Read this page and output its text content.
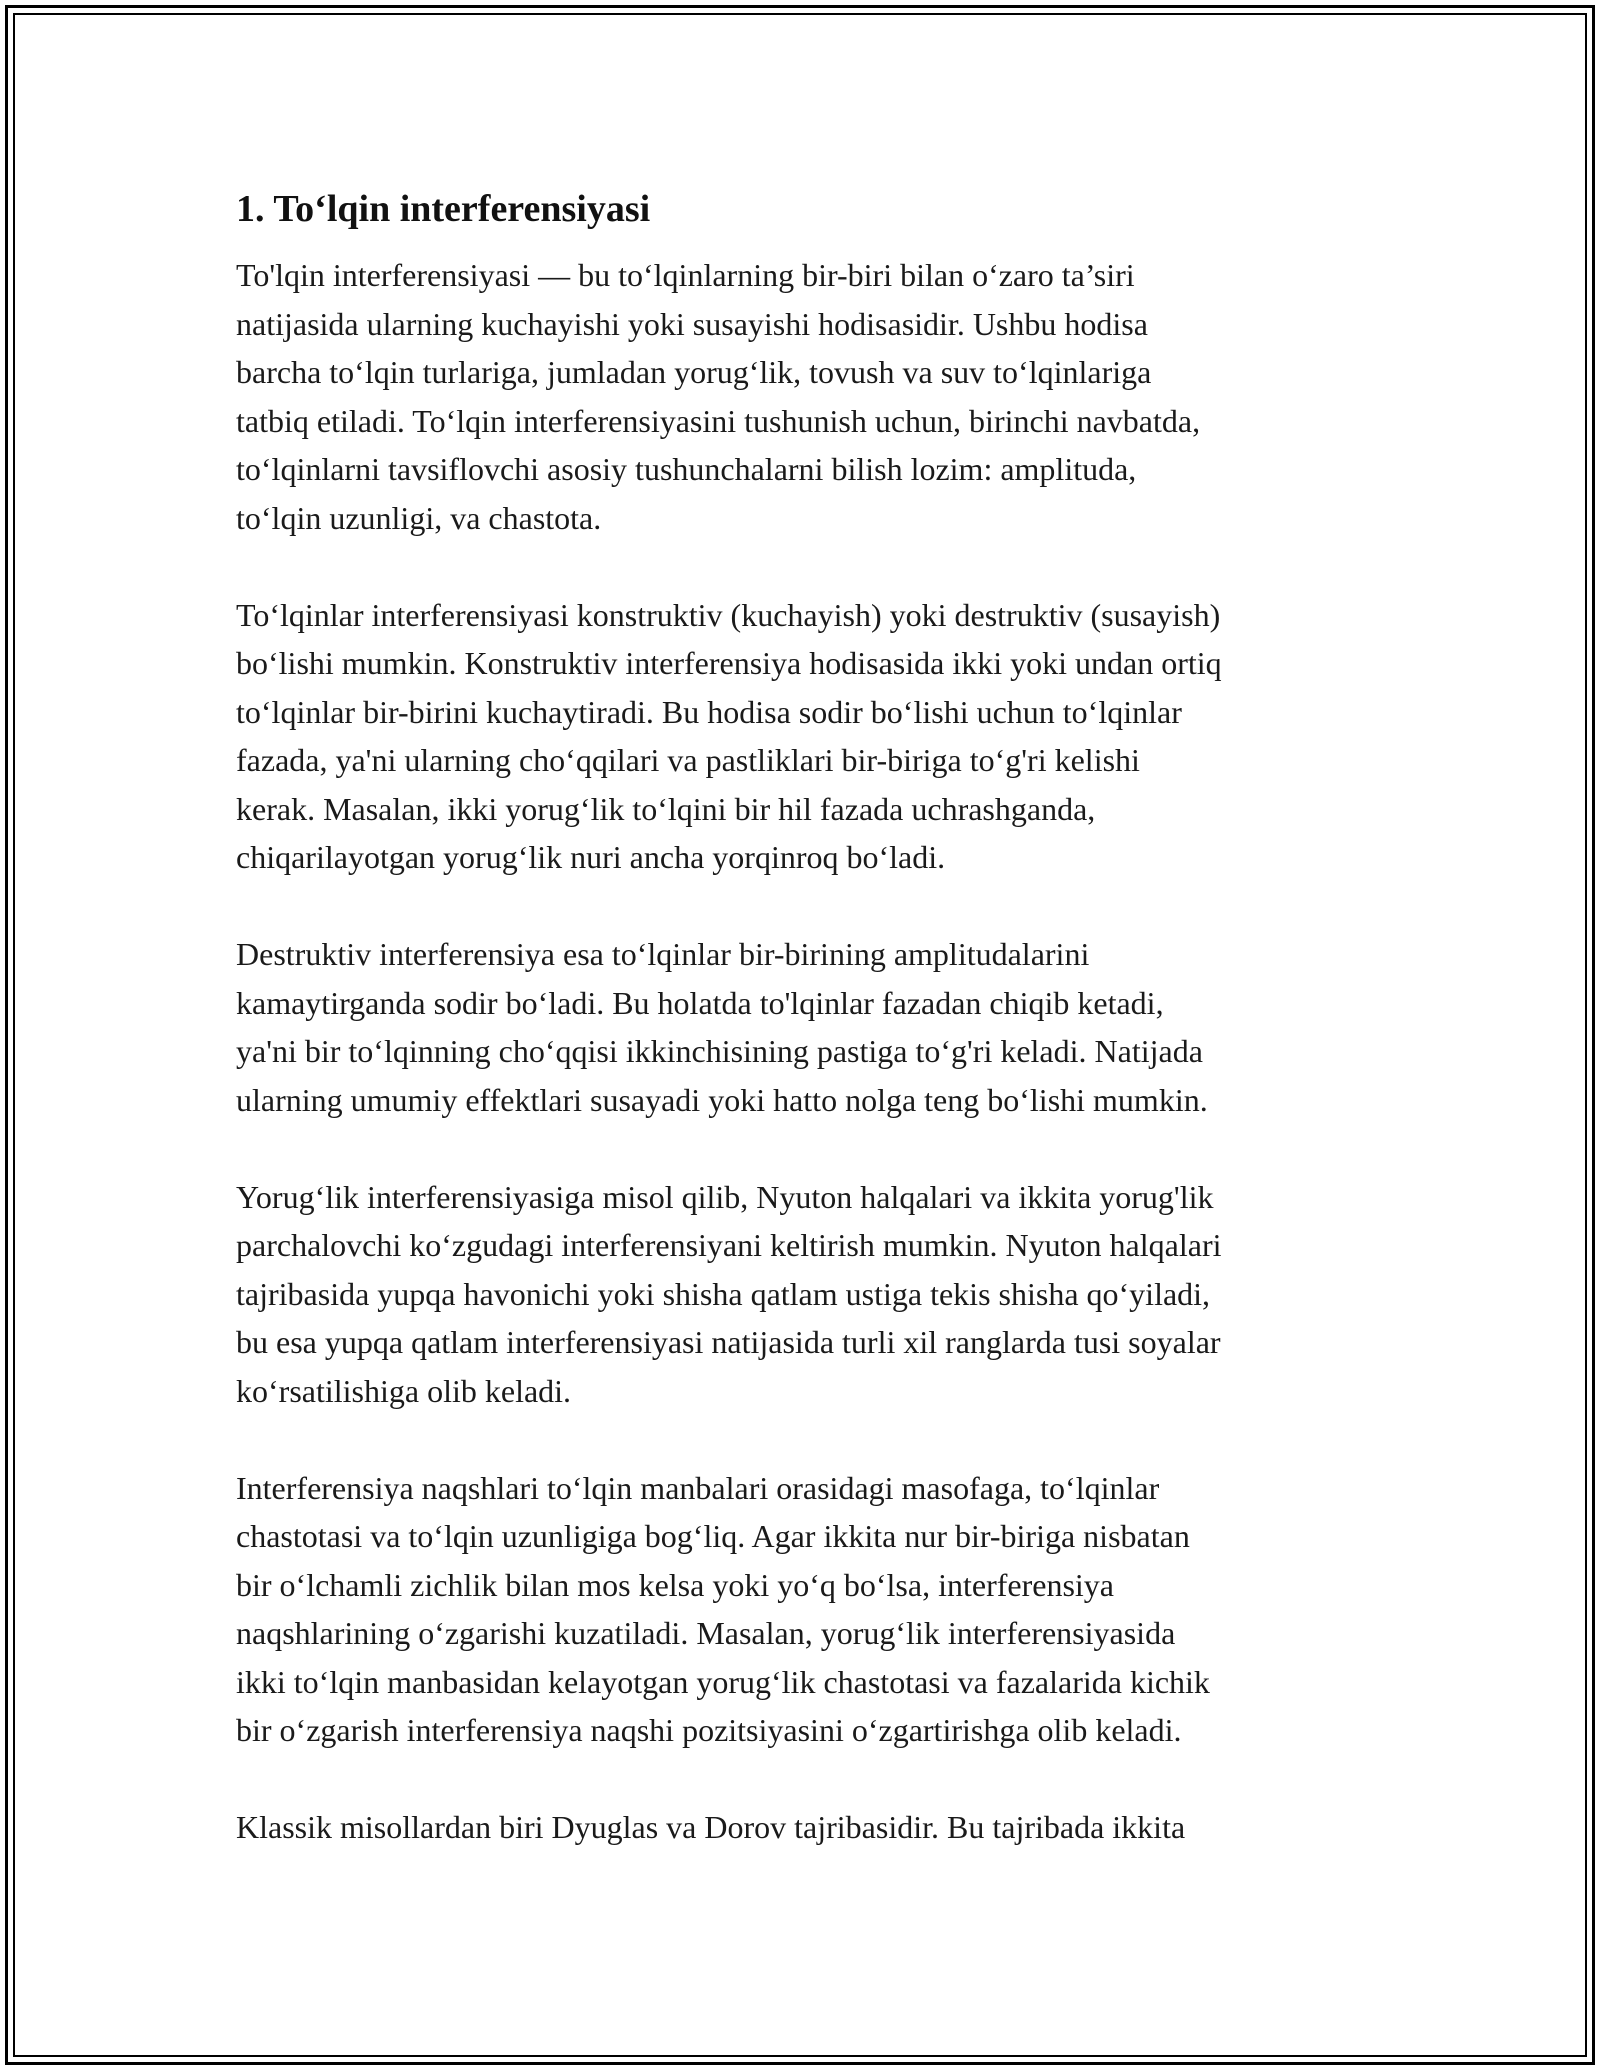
1. To‘lqin interferensiyasi

To'lqin interferensiyasi — bu to‘lqinlarning bir-biri bilan o‘zaro ta’siri
natijasida ularning kuchayishi yoki susayishi hodisasidir. Ushbu hodisa
barcha to‘lqin turlariga, jumladan yorug‘lik, tovush va suv to‘lqinlariga
tatbiq etiladi. To‘lqin interferensiyasini tushunish uchun, birinchi navbatda,
to‘lqinlarni tavsiflovchi asosiy tushunchalarni bilish lozim: amplituda,
to‘lqin uzunligi, va chastota.

To‘lqinlar interferensiyasi konstruktiv (kuchayish) yoki destruktiv (susayish)
bo‘lishi mumkin. Konstruktiv interferensiya hodisasida ikki yoki undan ortiq
to‘lqinlar bir-birini kuchaytiradi. Bu hodisa sodir bo‘lishi uchun to‘lqinlar
fazada, ya'ni ularning cho‘qqilari va pastliklari bir-biriga to‘g'ri kelishi
kerak. Masalan, ikki yorug‘lik to‘lqini bir hil fazada uchrashganda,
chiqarilayotgan yorug‘lik nuri ancha yorqinroq bo‘ladi.

Destruktiv interferensiya esa to‘lqinlar bir-birining amplitudalarini
kamaytirganda sodir bo‘ladi. Bu holatda to'lqinlar fazadan chiqib ketadi,
ya'ni bir to‘lqinning cho‘qqisi ikkinchisining pastiga to‘g'ri keladi. Natijada
ularning umumiy effektlari susayadi yoki hatto nolga teng bo‘lishi mumkin.

Yorug‘lik interferensiyasiga misol qilib, Nyuton halqalari va ikkita yorug'lik
parchalovchi ko‘zgudagi interferensiyani keltirish mumkin. Nyuton halqalari
tajribasida yupqa havonichi yoki shisha qatlam ustiga tekis shisha qo‘yiladi,
bu esa yupqa qatlam interferensiyasi natijasida turli xil ranglarda tusi soyalar
ko‘rsatilishiga olib keladi.

Interferensiya naqshlari to‘lqin manbalari orasidagi masofaga, to‘lqinlar
chastotasi va to‘lqin uzunligiga bog‘liq. Agar ikkita nur bir-biriga nisbatan
bir o‘lchamli zichlik bilan mos kelsa yoki yo‘q bo‘lsa, interferensiya
naqshlarining o‘zgarishi kuzatiladi. Masalan, yorug‘lik interferensiyasida
ikki to‘lqin manbasidan kelayotgan yorug‘lik chastotasi va fazalarida kichik
bir o‘zgarish interferensiya naqshi pozitsiyasini o‘zgartirishga olib keladi.

Klassik misollardan biri Dyuglas va Dorov tajribasidir. Bu tajribada ikkita
